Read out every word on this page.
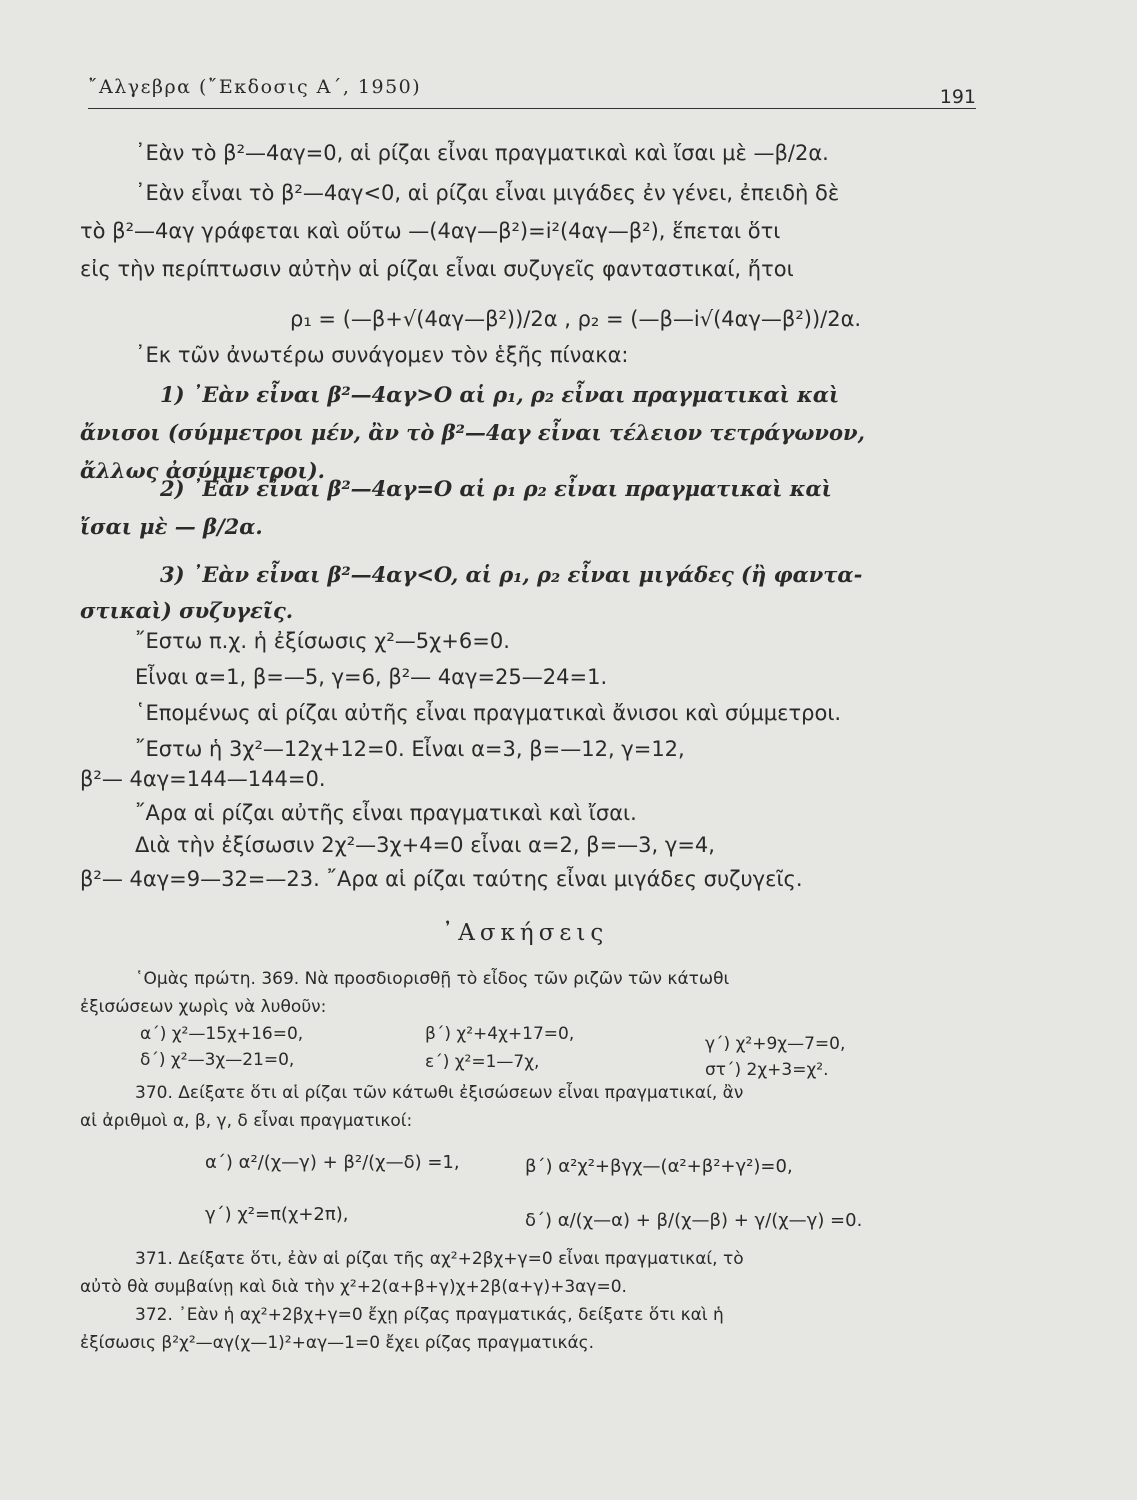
῎Αλγεβρα (῎Εκδοσις Α΄, 1950)	191
᾽Εὰν τὸ β²—4αγ=0, αἱ ρίζαι εἶναι πραγματικαὶ καὶ ἴσαι μὲ —β/2α.
᾽Εὰν εἶναι τὸ β²—4αγ<0, αἱ ρίζαι εἶναι μιγάδες ἐν γένει, ἐπειδὴ δὲ
τὸ β²—4αγ γράφεται καὶ οὕτω —(4αγ—β²)=i²(4αγ—β²), ἕπεται ὅτι
εἰς τὴν περίπτωσιν αὐτὴν αἱ ρίζαι εἶναι συζυγεῖς φανταστικαί, ἤτοι
ρ₁ = (—β+√(4αγ—β²))/2α , ρ₂ = (—β—i√(4αγ—β²))/2α.
᾽Εκ τῶν ἀνωτέρω συνάγομεν τὸν ἑξῆς πίνακα:
1) ᾽Εὰν εἶναι β²—4αγ>O αἱ ρ₁, ρ₂ εἶναι πραγματικαὶ καὶ
ἄνισοι (σύμμετροι μέν, ἂν τὸ β²—4αγ εἶναι τέλειον τετράγωνον,
ἄλλως ἀσύμμετροι).
2) ᾽Εὰν εἶναι β²—4αγ=O αἱ ρ₁ ρ₂ εἶναι πραγματικαὶ καὶ
ἴσαι μὲ — β/2α.
3) ᾽Εὰν εἶναι β²—4αγ<O, αἱ ρ₁, ρ₂ εἶναι μιγάδες (ἢ φαντα-
στικαὶ) συζυγεῖς.
῎Εστω π.χ. ἡ ἐξίσωσις χ²—5χ+6=0.
Εἶναι α=1, β=—5, γ=6, β²— 4αγ=25—24=1.
῾Επομένως αἱ ρίζαι αὐτῆς εἶναι πραγματικαὶ ἄνισοι καὶ σύμμετροι.
῎Εστω ἡ 3χ²—12χ+12=0. Εἶναι α=3, β=—12, γ=12,
β²— 4αγ=144—144=0.
῎Αρα αἱ ρίζαι αὐτῆς εἶναι πραγματικαὶ καὶ ἴσαι.
Διὰ τὴν ἐξίσωσιν 2χ²—3χ+4=0 εἶναι α=2, β=—3, γ=4,
β²— 4αγ=9—32=—23. ῎Αρα αἱ ρίζαι ταύτης εἶναι μιγάδες συζυγεῖς.
᾽Ασκήσεις
῾Ομὰς πρώτη. 369. Νὰ προσδιορισθῇ τὸ εἶδος τῶν ριζῶν τῶν κάτωθι
ἐξισώσεων χωρὶς νὰ λυθοῦν:
α΄) χ²—15χ+16=0,	β΄) χ²+4χ+17=0,	γ΄) χ²+9χ—7=0,
δ΄) χ²—3χ—21=0,	ε΄) χ²=1—7χ,	στ΄) 2χ+3=χ².
370. Δείξατε ὅτι αἱ ρίζαι τῶν κάτωθι ἐξισώσεων εἶναι πραγματικαί, ἂν
αἱ ἀριθμοὶ α, β, γ, δ εἶναι πραγματικοί:
α΄) α²/(χ—γ) + β²/(χ—δ) =1,	β΄) α²χ²+βγχ—(α²+β²+γ²)=0,
γ΄) χ²=π(χ+2π),	δ΄) α/(χ—α) + β/(χ—β) + γ/(χ—γ) =0.
371. Δείξατε ὅτι, ἐὰν αἱ ρίζαι τῆς αχ²+2βχ+γ=0 εἶναι πραγματικαί, τὸ
αὐτὸ θὰ συμβαίνῃ καὶ διὰ τὴν χ²+2(α+β+γ)χ+2β(α+γ)+3αγ=0.
372. ᾽Εὰν ἡ αχ²+2βχ+γ=0 ἔχῃ ρίζας πραγματικάς, δείξατε ὅτι καὶ ἡ
ἐξίσωσις β²χ²—αγ(χ—1)²+αγ—1=0 ἔχει ρίζας πραγματικάς.
